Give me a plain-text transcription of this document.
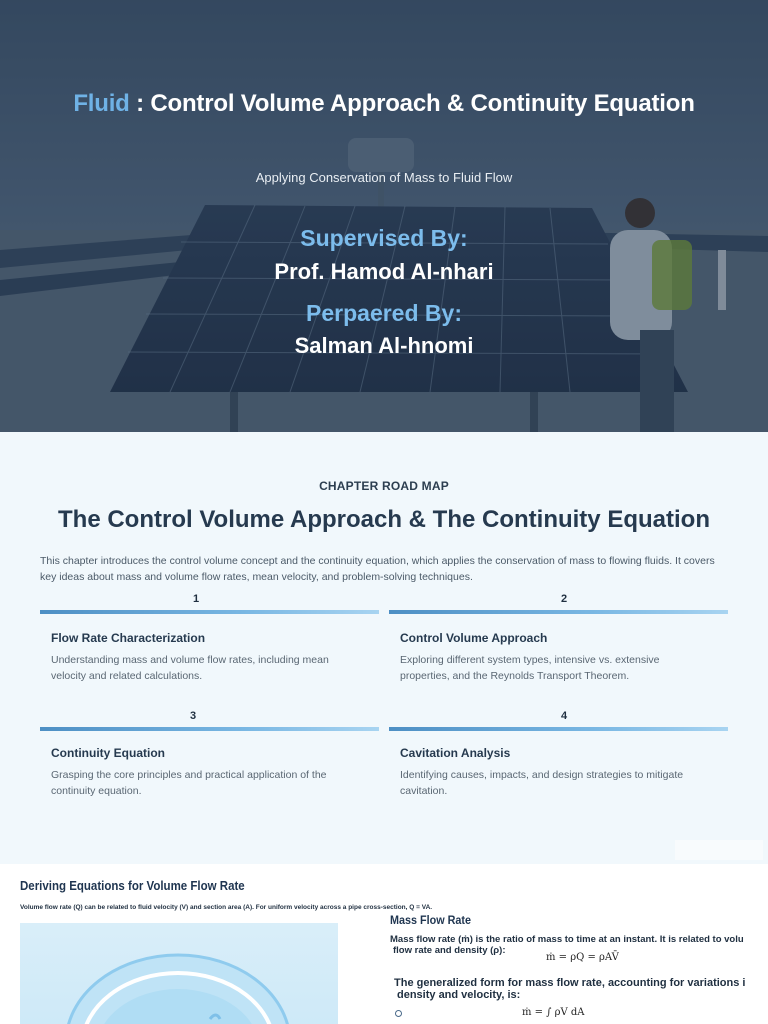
Fluid : Control Volume Approach & Continuity Equation
Applying Conservation of Mass to Fluid Flow
Supervised By:
Prof. Hamod Al-nhari
Perpaered By:
Salman Al-hnomi
CHAPTER ROAD MAP
The Control Volume Approach & The Continuity Equation
This chapter introduces the control volume concept and the continuity equation, which applies the conservation of mass to flowing fluids. It covers key ideas about mass and volume flow rates, mean velocity, and problem-solving techniques.
1
Flow Rate Characterization
Understanding mass and volume flow rates, including mean velocity and related calculations.
2
Control Volume Approach
Exploring different system types, intensive vs. extensive properties, and the Reynolds Transport Theorem.
3
Continuity Equation
Grasping the core principles and practical application of the continuity equation.
4
Cavitation Analysis
Identifying causes, impacts, and design strategies to mitigate cavitation.
Deriving Equations for Volume Flow Rate
Volume flow rate (Q) can be related to fluid velocity (V) and section area (A). For uniform velocity across a pipe cross-section, Q = VA.
Mass Flow Rate
Mass flow rate (ṁ) is the ratio of mass to time at an instant. It is related to volu
flow rate and density (ρ):
ṁ = ρQ = ρAV̄
The generalized form for mass flow rate, accounting for variations i
density and velocity, is:
ṁ = ∫ ρV dA
